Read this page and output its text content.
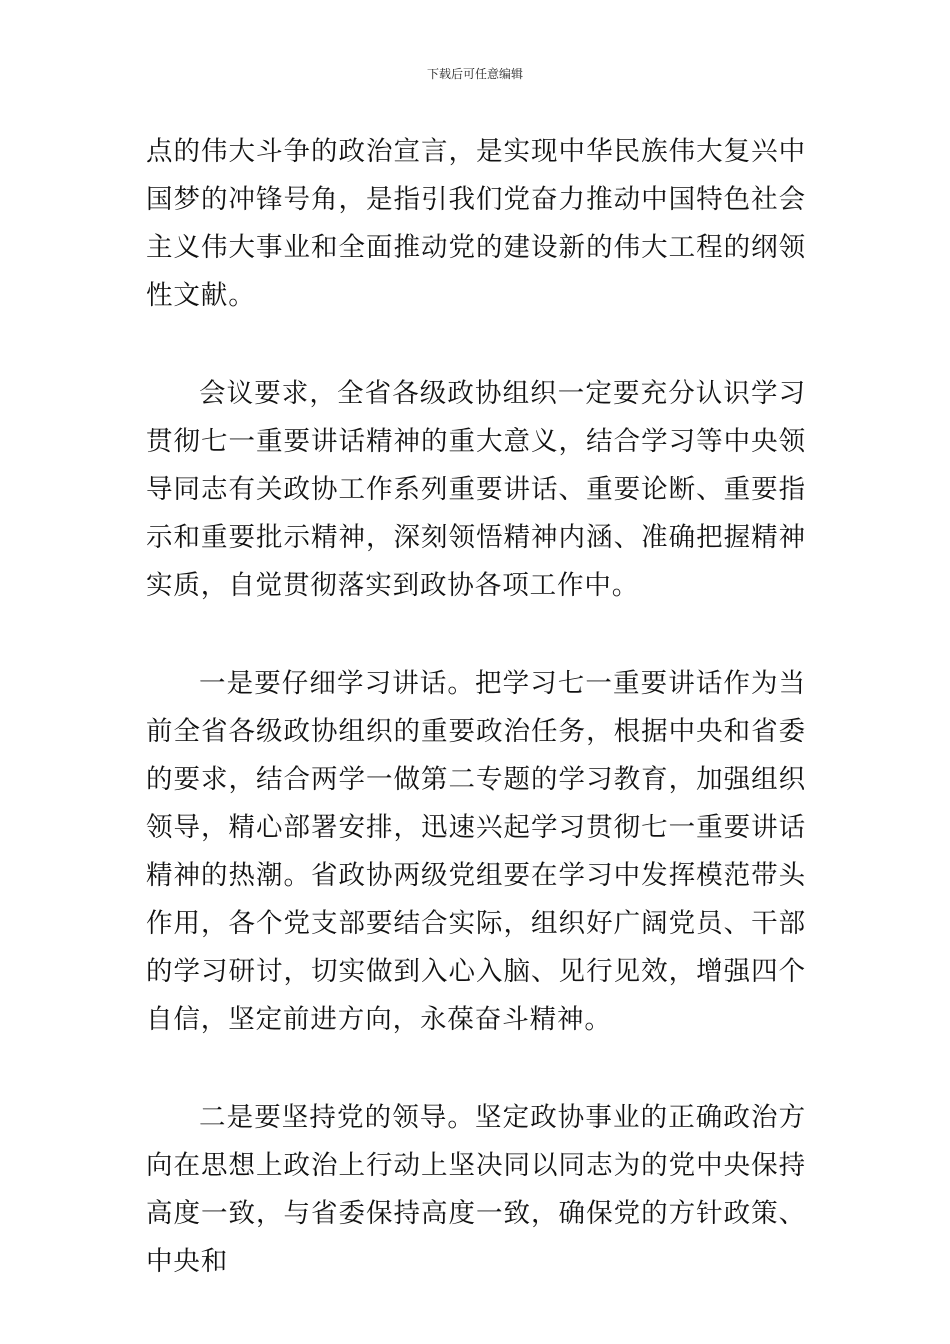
下载后可任意编辑

点的伟大斗争的政治宣言，是实现中华民族伟大复兴中国梦的冲锋号角，是指引我们党奋力推动中国特色社会主义伟大事业和全面推动党的建设新的伟大工程的纲领性文献。

会议要求，全省各级政协组织一定要充分认识学习贯彻七一重要讲话精神的重大意义，结合学习等中央领导同志有关政协工作系列重要讲话、重要论断、重要指示和重要批示精神，深刻领悟精神内涵、准确把握精神实质，自觉贯彻落实到政协各项工作中。

一是要仔细学习讲话。把学习七一重要讲话作为当前全省各级政协组织的重要政治任务，根据中央和省委的要求，结合两学一做第二专题的学习教育，加强组织领导，精心部署安排，迅速兴起学习贯彻七一重要讲话精神的热潮。省政协两级党组要在学习中发挥模范带头作用，各个党支部要结合实际，组织好广阔党员、干部的学习研讨，切实做到入心入脑、见行见效，增强四个自信，坚定前进方向，永葆奋斗精神。

二是要坚持党的领导。坚定政协事业的正确政治方向在思想上政治上行动上坚决同以同志为的党中央保持高度一致，与省委保持高度一致，确保党的方针政策、中央和
